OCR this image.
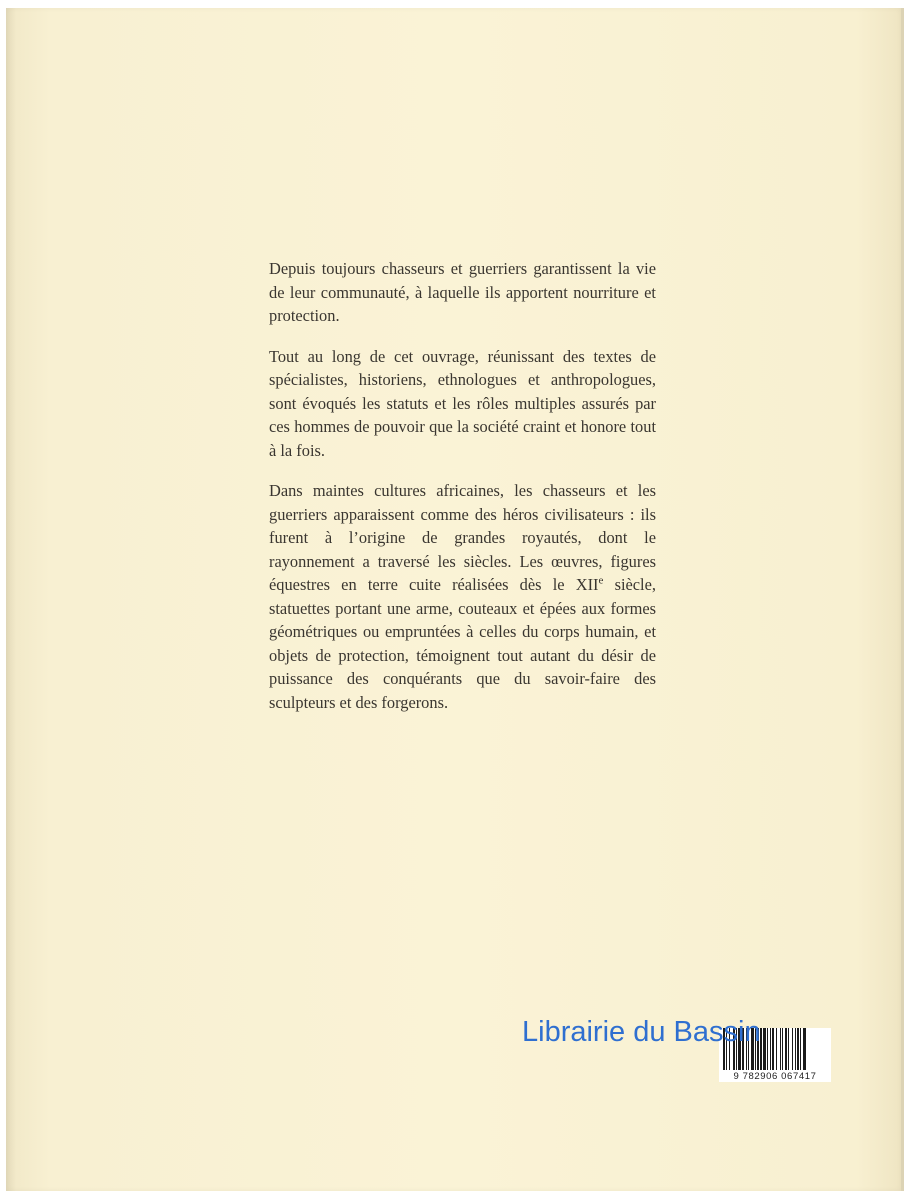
Depuis toujours chasseurs et guerriers garantissent la vie de leur communauté, à laquelle ils apportent nourriture et protection.

Tout au long de cet ouvrage, réunissant des textes de spécialistes, historiens, ethnologues et anthropologues, sont évoqués les statuts et les rôles multiples assurés par ces hommes de pouvoir que la société craint et honore tout à la fois.

Dans maintes cultures africaines, les chasseurs et les guerriers apparaissent comme des héros civilisateurs : ils furent à l’origine de grandes royautés, dont le rayonnement a traversé les siècles. Les œuvres, figures équestres en terre cuite réalisées dès le XIIe siècle, statuettes portant une arme, couteaux et épées aux formes géométriques ou empruntées à celles du corps humain, et objets de protection, témoignent tout autant du désir de puissance des conquérants que du savoir-faire des sculpteurs et des forgerons.

9 782906 067417
Librairie du Bassin
